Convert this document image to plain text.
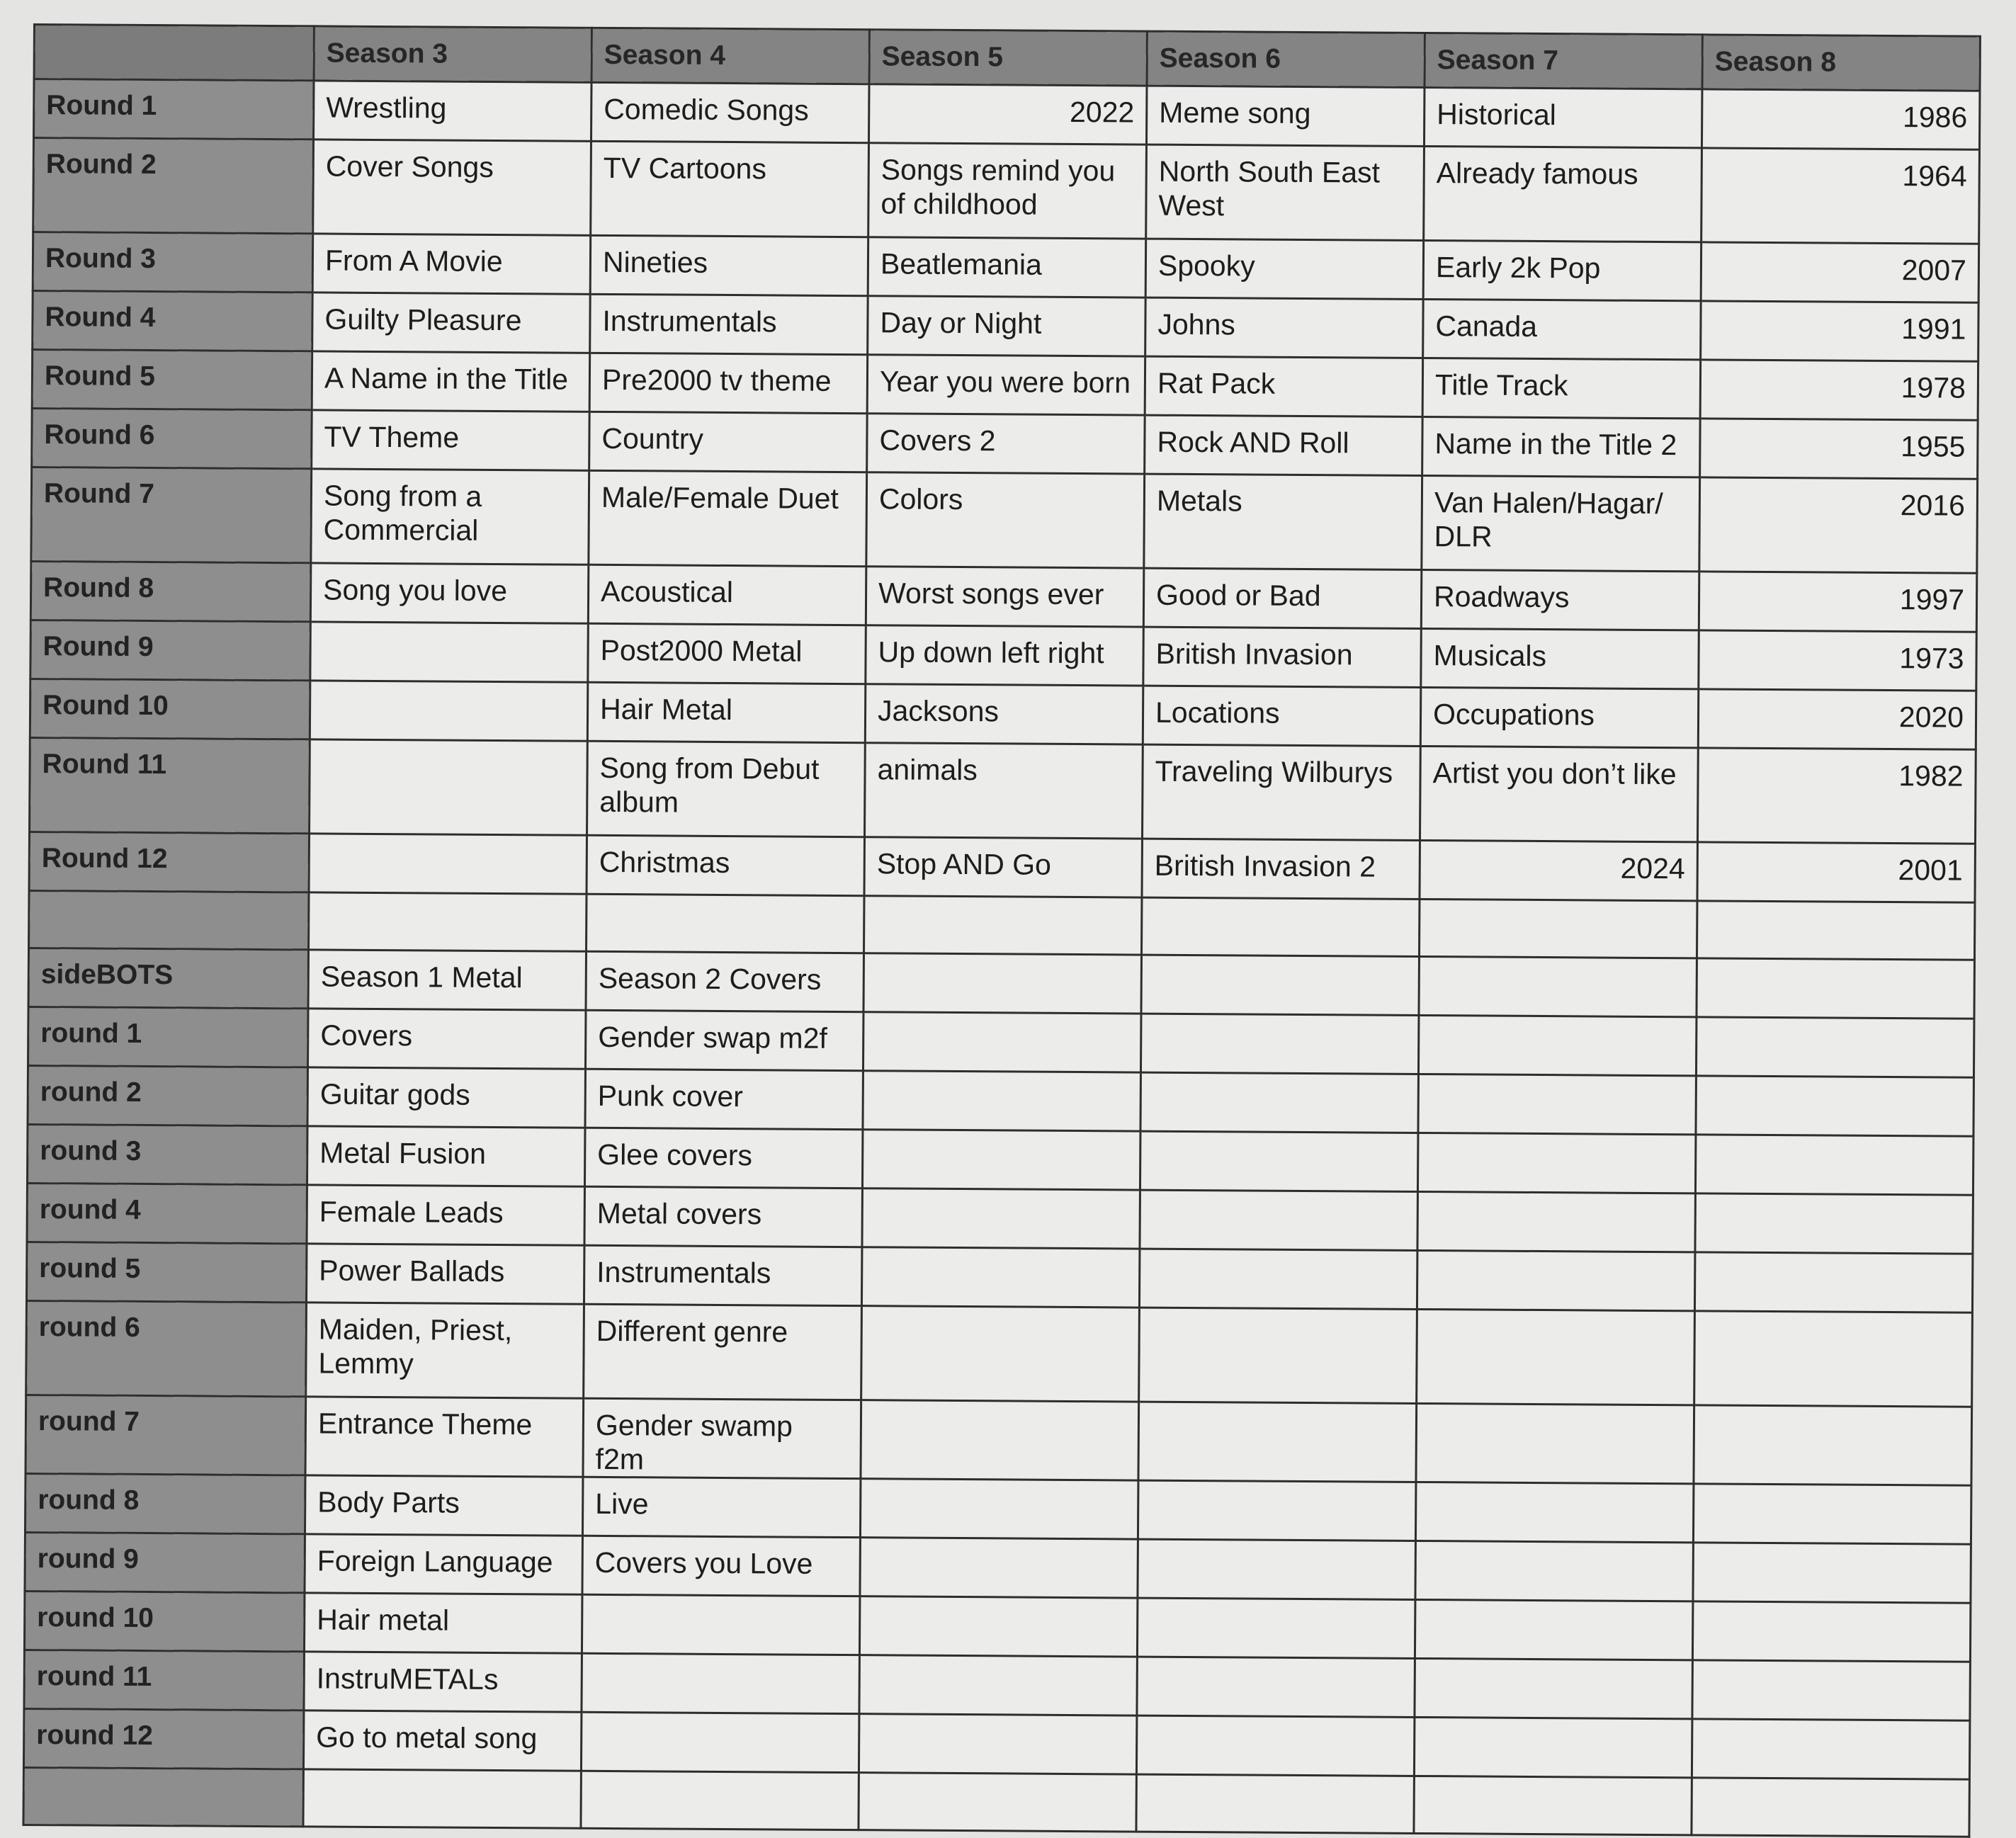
	Season 3	Season 4	Season 5	Season 6	Season 7	Season 8
Round 1	Wrestling	Comedic Songs	2022	Meme song	Historical	1986
Round 2	Cover Songs	TV Cartoons	Songs remind you of childhood	North South East West	Already famous	1964
Round 3	From A Movie	Nineties	Beatlemania	Spooky	Early 2k Pop	2007
Round 4	Guilty Pleasure	Instrumentals	Day or Night	Johns	Canada	1991
Round 5	A Name in the Title	Pre2000 tv theme	Year you were born	Rat Pack	Title Track	1978
Round 6	TV Theme	Country	Covers 2	Rock AND Roll	Name in the Title 2	1955
Round 7	Song from a Commercial	Male/Female Duet	Colors	Metals	Van Halen/Hagar/ DLR	2016
Round 8	Song you love	Acoustical	Worst songs ever	Good or Bad	Roadways	1997
Round 9		Post2000 Metal	Up down left right	British Invasion	Musicals	1973
Round 10		Hair Metal	Jacksons	Locations	Occupations	2020
Round 11		Song from Debut album	animals	Traveling Wilburys	Artist you don’t like	1982
Round 12		Christmas	Stop AND Go	British Invasion 2	2024	2001

sideBOTS	Season 1 Metal	Season 2 Covers				
round 1	Covers	Gender swap m2f				
round 2	Guitar gods	Punk cover				
round 3	Metal Fusion	Glee covers				
round 4	Female Leads	Metal covers				
round 5	Power Ballads	Instrumentals				
round 6	Maiden, Priest, Lemmy	Different genre				
round 7	Entrance Theme	Gender swamp f2m				
round 8	Body Parts	Live				
round 9	Foreign Language	Covers you Love				
round 10	Hair metal					
round 11	InstruMETALs					
round 12	Go to metal song					
